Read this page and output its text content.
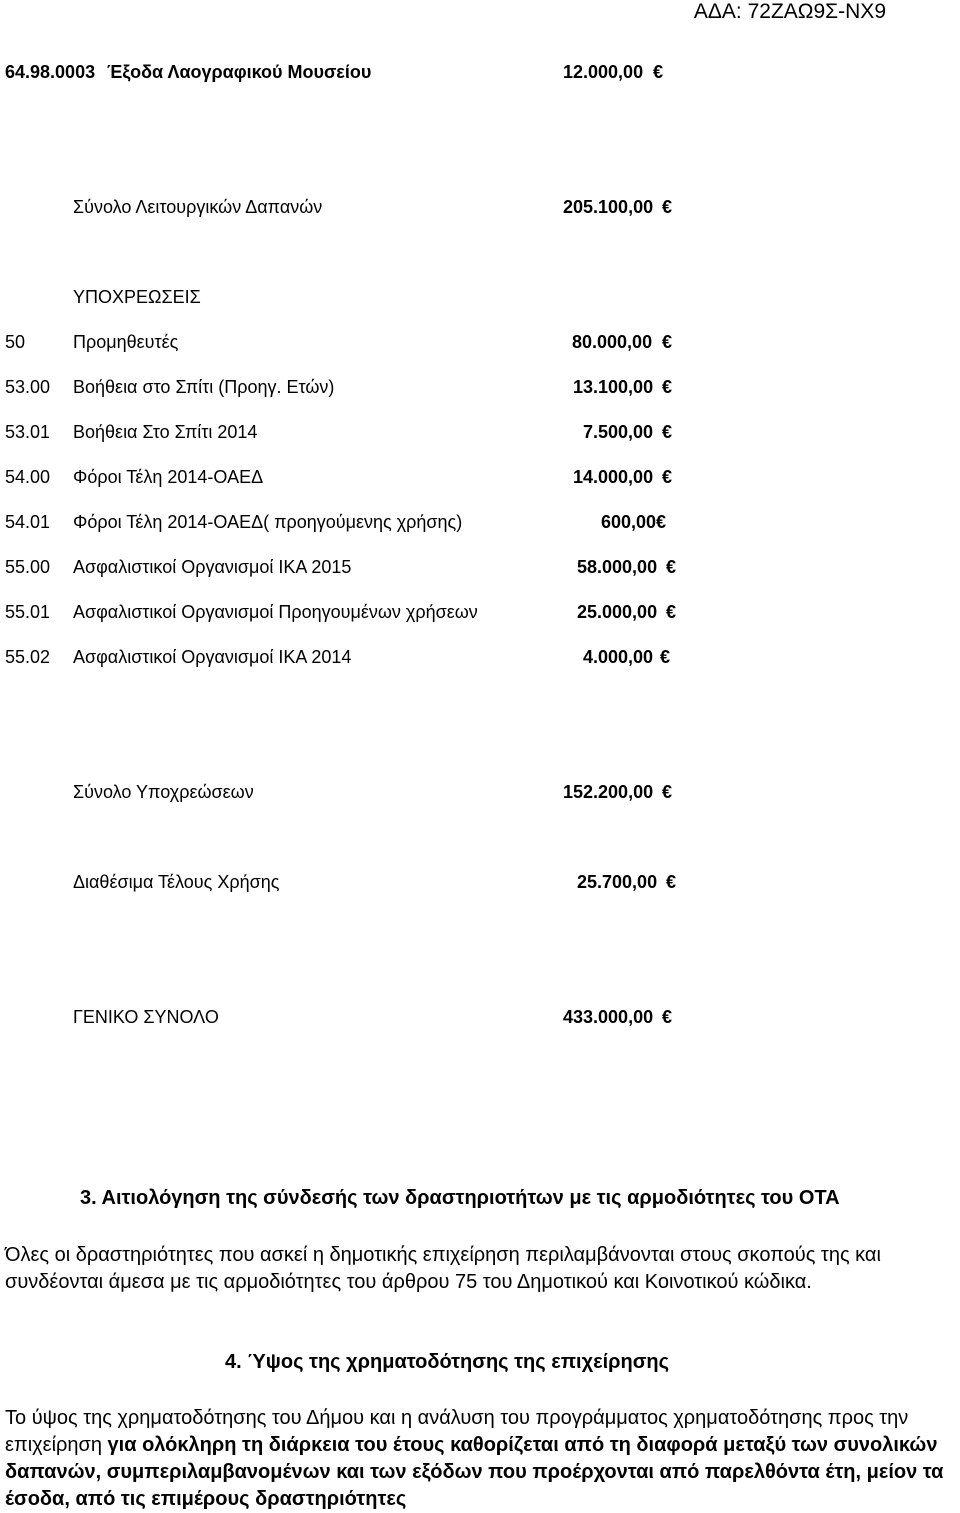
ΑΔΑ: 72ΖΑΩ9Σ-ΝΧ9
64.98.0003 Έξοδα Λαογραφικού Μουσείου	12.000,00 €
Σύνολο Λειτουργικών Δαπανών	205.100,00 €
ΥΠΟΧΡΕΩΣΕΙΣ
50	Προμηθευτές	80.000,00 €
53.00 Βοήθεια στο Σπίτι (Προηγ. Ετών)	13.100,00 €
53.01 Βοήθεια Στο Σπίτι 2014	7.500,00 €
54.00 Φόροι Τέλη 2014-ΟΑΕΔ	14.000,00 €
54.01 Φόροι Τέλη 2014-ΟΑΕΔ( προηγούμενης χρήσης)	600,00 €
55.00 Ασφαλιστικοί Οργανισμοί ΙΚΑ 2015	58.000,00 €
55.01 Ασφαλιστικοί Οργανισμοί Προηγουμένων χρήσεων	25.000,00 €
55.02 Ασφαλιστικοί Οργανισμοί ΙΚΑ 2014	4.000,00 €
Σύνολο Υποχρεώσεων	152.200,00 €
Διαθέσιμα Τέλους Χρήσης	25.700,00 €
ΓΕΝΙΚΟ ΣΥΝΟΛΟ	433.000,00 €
3. Αιτιολόγηση της σύνδεσής των δραστηριοτήτων με τις αρμοδιότητες του ΟΤΑ
Όλες οι δραστηριότητες που ασκεί η δημοτικής επιχείρηση περιλαμβάνονται στους σκοπούς της και συνδέονται άμεσα με τις αρμοδιότητες του άρθρου 75 του Δημοτικού και Κοινοτικού κώδικα.
4. Ύψος της χρηματοδότησης της επιχείρησης
Το ύψος της χρηματοδότησης του Δήμου και η ανάλυση του προγράμματος χρηματοδότησης προς την επιχείρηση για ολόκληρη τη διάρκεια του έτους καθορίζεται από τη διαφορά μεταξύ των συνολικών δαπανών, συμπεριλαμβανομένων και των εξόδων που προέρχονται από παρελθόντα έτη, μείον τα έσοδα, από τις επιμέρους δραστηριότητες
